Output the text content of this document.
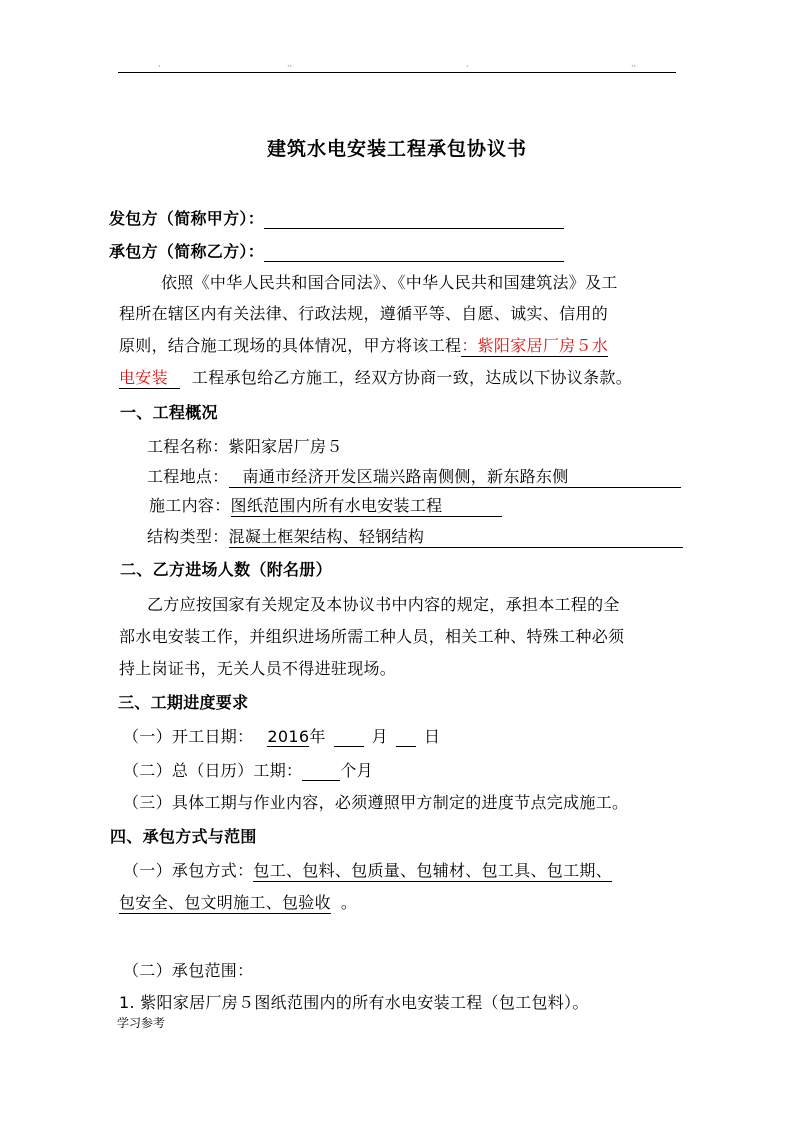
·	··	·	··
建筑水电安装工程承包协议书
发包方（简称甲方）：
承包方（简称乙方）：
依照《中华人民共和国合同法》、《中华人民共和国建筑法》及工
程所在辖区内有关法律、行政法规，遵循平等、自愿、诚实、信用的
原则，结合施工现场的具体情况，甲方将该工程：紫阳家居厂房５水
电安装 工程承包给乙方施工，经双方协商一致，达成以下协议条款。
一、工程概况
工程名称：紫阳家居厂房５
工程地点： 南通市经济开发区瑞兴路南侧侧，新东路东侧
施工内容：图纸范围内所有水电安装工程
结构类型：混凝土框架结构、轻钢结构
二、乙方进场人数（附名册）
乙方应按国家有关规定及本协议书中内容的规定，承担本工程的全
部水电安装工作，并组织进场所需工种人员，相关工种、特殊工种必须
持上岗证书，无关人员不得进驻现场。
三、工期进度要求
（一）开工日期： 2016年	月 日
（二）总（日历）工期： 个月
（三）具体工期与作业内容，必须遵照甲方制定的进度节点完成施工。
四、承包方式与范围
（一）承包方式：包工、包料、包质量、包辅材、包工具、包工期、
包安全、包文明施工、包验收 。
（二）承包范围：
1. 紫阳家居厂房５图纸范围内的所有水电安装工程（包工包料）。
学习参考
